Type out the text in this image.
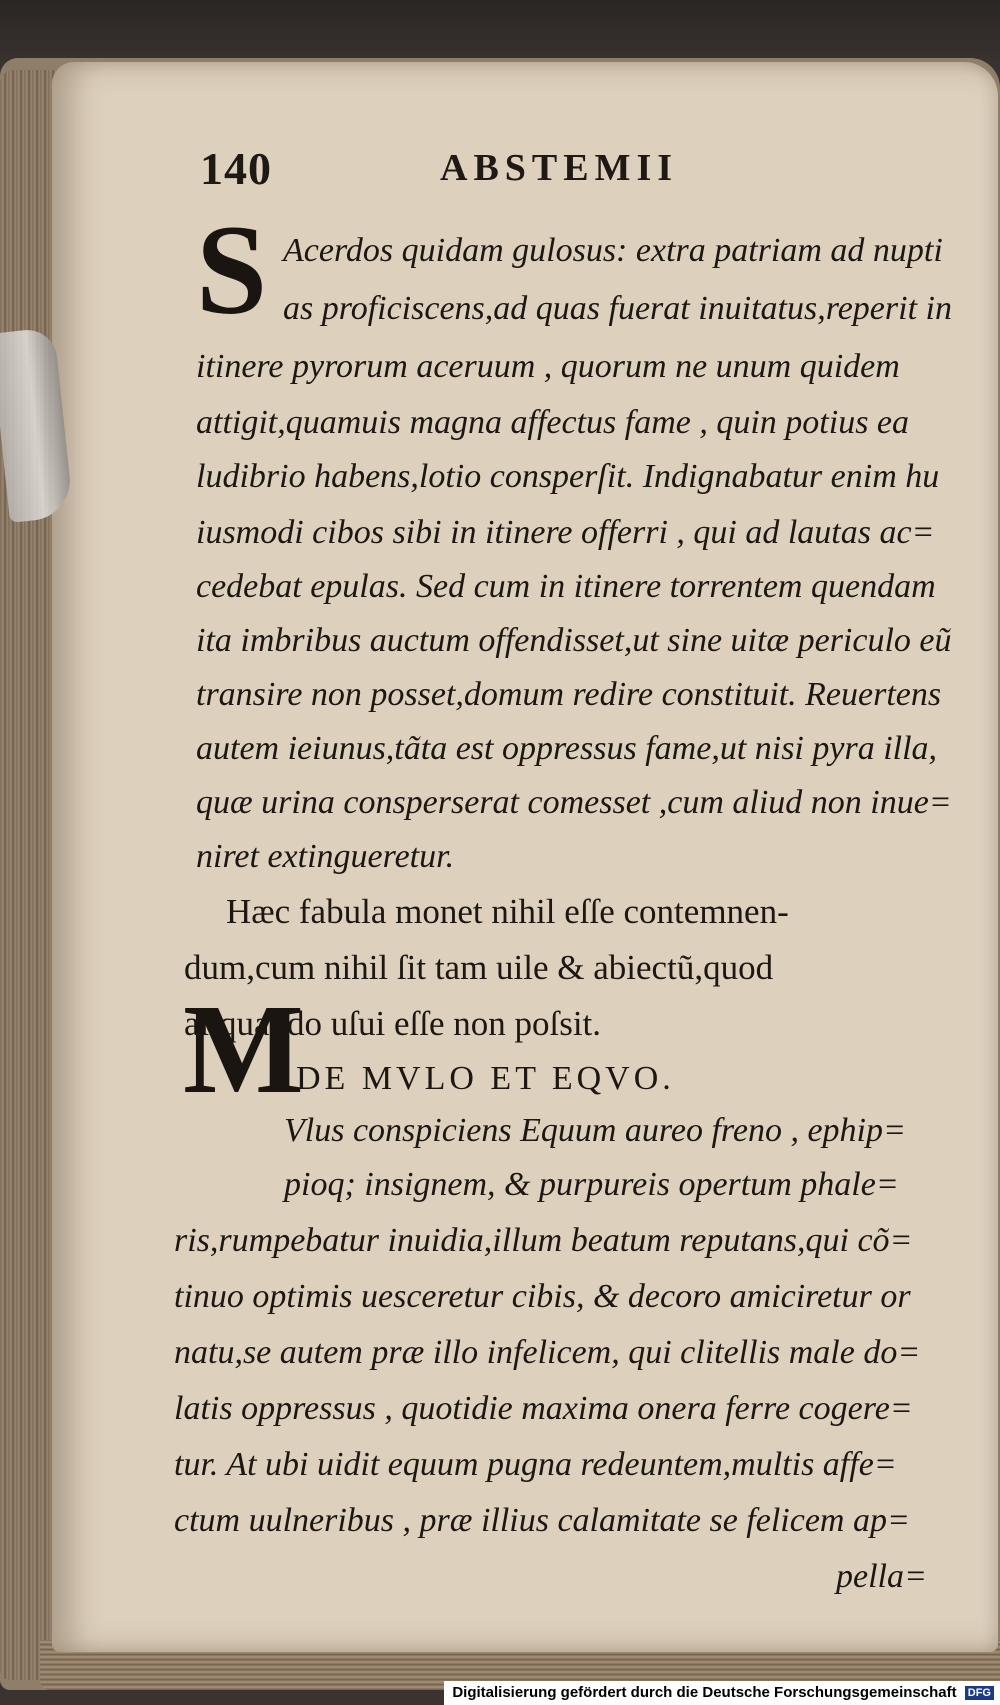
140	ABSTEMII
S Acerdos quidam gulosus: extra patriam ad nupti
as proficiscens,ad quas fuerat inuitatus,reperit in
itinere pyrorum aceruum , quorum ne unum quidem
attigit,quamuis magna affectus fame , quin potius ea
ludibrio habens,lotio consperſit. Indignabatur enim hu
iusmodi cibos sibi in itinere offerri , qui ad lautas ac=
cedebat epulas. Sed cum in itinere torrentem quendam
ita imbribus auctum offendisset,ut sine uitæ periculo eũ
transire non posset,domum redire constituit. Reuertens
autem ieiunus,tãta est oppressus fame,ut nisi pyra illa,
quæ urina consperserat comesset ,cum aliud non inue=
niret extingueretur.
Hæc fabula monet nihil eſſe contemnen-
dum,cum nihil ſit tam uile & abiectũ,quod
aliquando uſui eſſe non poſsit.
DE MVLO ET EQVO.
M
Vlus conspiciens Equum aureo freno , ephip=
pioq; insignem, & purpureis opertum phale=
ris,rumpebatur inuidia,illum beatum reputans,qui cõ=
tinuo optimis uesceretur cibis, & decoro amiciretur or
natu,se autem præ illo infelicem, qui clitellis male do=
latis oppressus , quotidie maxima onera ferre cogere=
tur. At ubi uidit equum pugna redeuntem,multis affe=
ctum uulneribus , præ illius calamitate se felicem ap=
pella=
Digitalisierung gefördert durch die Deutsche Forschungsgemeinschaft DFG
